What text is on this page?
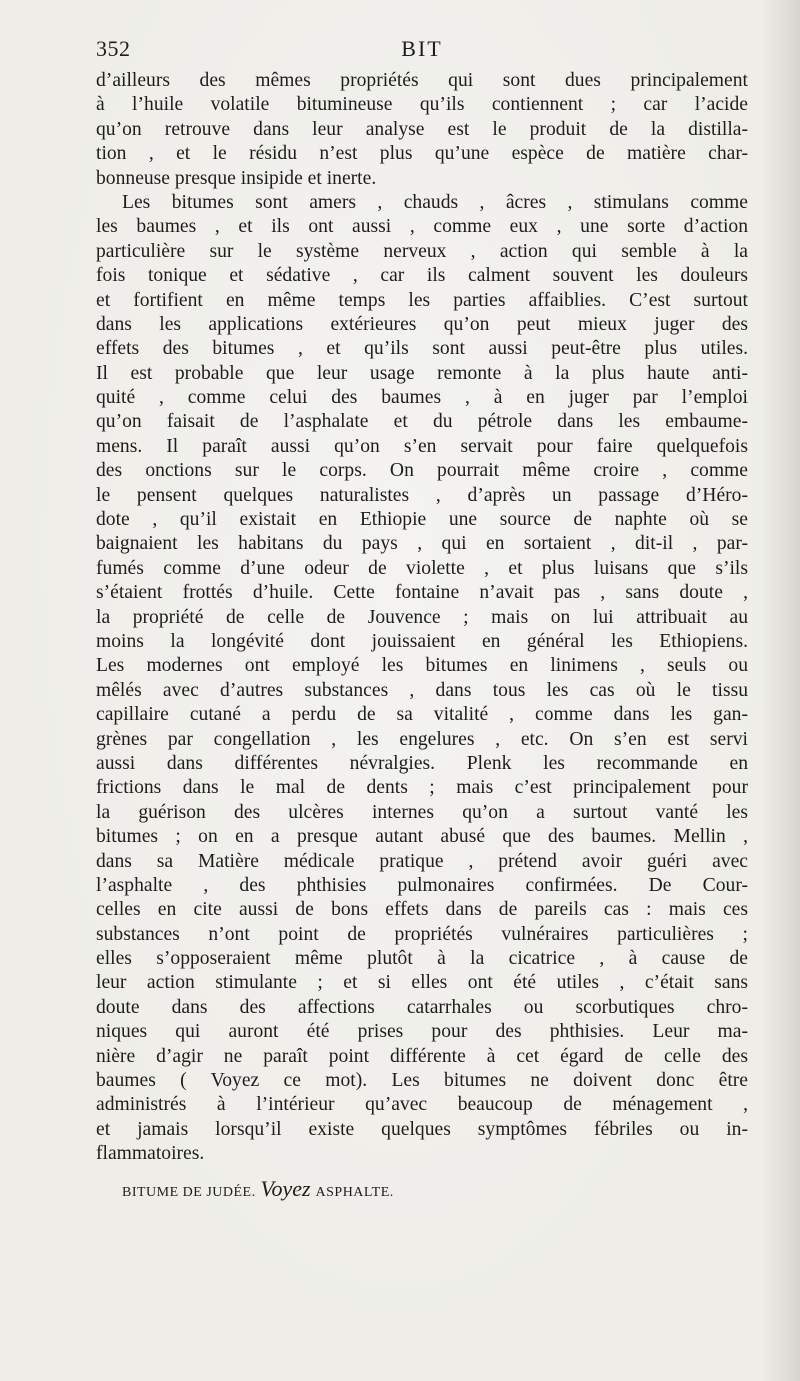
352	BIT
d’ailleurs des mêmes propriétés qui sont dues principalement
à l’huile volatile bitumineuse qu’ils contiennent ; car l’acide
qu’on retrouve dans leur analyse est le produit de la distilla-
tion , et le résidu n’est plus qu’une espèce de matière char-
bonneuse presque insipide et inerte.
Les bitumes sont amers , chauds , âcres , stimulans comme
les baumes , et ils ont aussi , comme eux , une sorte d’action
particulière sur le système nerveux , action qui semble à la
fois tonique et sédative , car ils calment souvent les douleurs
et fortifient en même temps les parties affaiblies. C’est surtout
dans les applications extérieures qu’on peut mieux juger des
effets des bitumes , et qu’ils sont aussi peut-être plus utiles.
Il est probable que leur usage remonte à la plus haute anti-
quité , comme celui des baumes , à en juger par l’emploi
qu’on faisait de l’asphalate et du pétrole dans les embaume-
mens. Il paraît aussi qu’on s’en servait pour faire quelquefois
des onctions sur le corps. On pourrait même croire , comme
le pensent quelques naturalistes , d’après un passage d’Héro-
dote , qu’il existait en Ethiopie une source de naphte où se
baignaient les habitans du pays , qui en sortaient , dit-il , par-
fumés comme d’une odeur de violette , et plus luisans que s’ils
s’étaient frottés d’huile. Cette fontaine n’avait pas , sans doute ,
la propriété de celle de Jouvence ; mais on lui attribuait au
moins la longévité dont jouissaient en général les Ethiopiens.
Les modernes ont employé les bitumes en linimens , seuls ou
mêlés avec d’autres substances , dans tous les cas où le tissu
capillaire cutané a perdu de sa vitalité , comme dans les gan-
grènes par congellation , les engelures , etc. On s’en est servi
aussi dans différentes névralgies. Plenk les recommande en
frictions dans le mal de dents ; mais c’est principalement pour
la guérison des ulcères internes qu’on a surtout vanté les
bitumes ; on en a presque autant abusé que des baumes. Mellin ,
dans sa Matière médicale pratique , prétend avoir guéri avec
l’asphalte , des phthisies pulmonaires confirmées. De Cour-
celles en cite aussi de bons effets dans de pareils cas : mais ces
substances n’ont point de propriétés vulnéraires particulières ;
elles s’opposeraient même plutôt à la cicatrice , à cause de
leur action stimulante ; et si elles ont été utiles , c’était sans
doute dans des affections catarrhales ou scorbutiques chro-
niques qui auront été prises pour des phthisies. Leur ma-
nière d’agir ne paraît point différente à cet égard de celle des
baumes ( Voyez ce mot). Les bitumes ne doivent donc être
administrés à l’intérieur qu’avec beaucoup de ménagement ,
et jamais lorsqu’il existe quelques symptômes fébriles ou in-
flammatoires.
BITUME DE JUDÉE. Voyez ASPHALTE.
